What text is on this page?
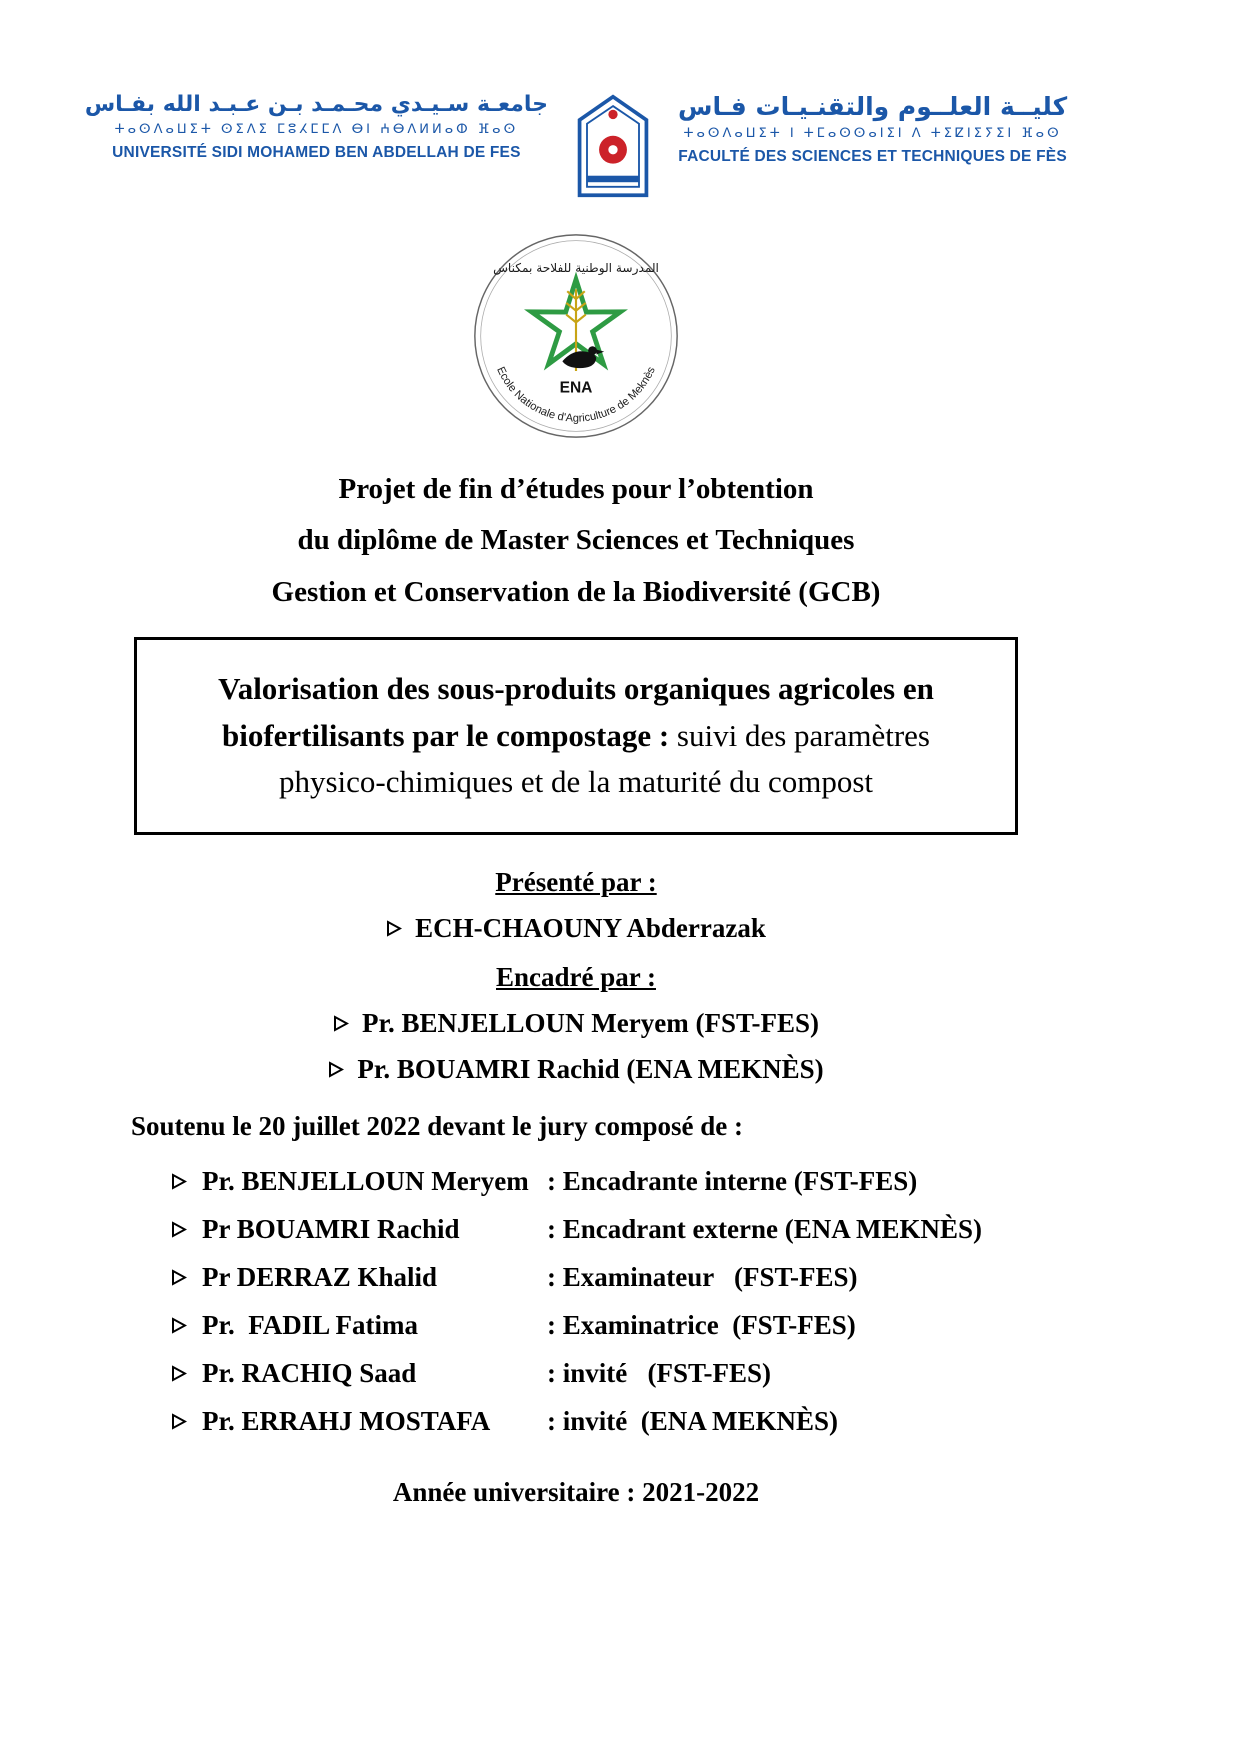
جامعـة سـيـدي محـمـد بـن عـبـد الله بفـاس
ⵜⴰⵙⴷⴰⵡⵉⵜ ⵙⵉⴷⵉ ⵎⵓⵃⵎⵎⴷ ⴱⵏ ⵄⴱⴷⵍⵍⴰⵀ ⴼⴰⵙ
UNIVERSITÉ SIDI MOHAMED BEN ABDELLAH DE FES
كليــة العلــوم والتقنـيـات فـاس
ⵜⴰⵙⴷⴰⵡⵉⵜ ⵏ ⵜⵎⴰⵙⵙⴰⵏⵉⵏ ⴷ ⵜⵉⵇⵏⵉⵢⵉⵏ ⴼⴰⵙ
FACULTÉ DES SCIENCES ET TECHNIQUES DE FÈS
المدرسة الوطنية للفلاحة بمكناس
ENA
Ecole Nationale d'Agriculture de Meknès

Projet de fin d’études pour l’obtention

du diplôme de Master Sciences et Techniques

Gestion et Conservation de la Biodiversité (GCB)

Valorisation des sous-produits organiques agricoles en biofertilisants par le compostage : suivi des paramètres physico-chimiques et de la maturité du compost
Présenté par :
ECH-CHAOUNY Abderrazak
Encadré par :
Pr. BENJELLOUN Meryem (FST-FES)
Pr. BOUAMRI Rachid (ENA MEKNÈS)
Soutenu le 20 juillet 2022 devant le jury composé de :
Pr. BENJELLOUN Meryem : Encadrante interne (FST-FES)
Pr BOUAMRI Rachid	: Encadrant externe (ENA MEKNÈS)
Pr DERRAZ Khalid	: Examinateur   (FST-FES)
Pr.  FADIL Fatima	: Examinatrice  (FST-FES)
Pr. RACHIQ Saad	: invité   (FST-FES)
Pr. ERRAHJ MOSTAFA	: invité  (ENA MEKNÈS)
Année universitaire : 2021-2022
